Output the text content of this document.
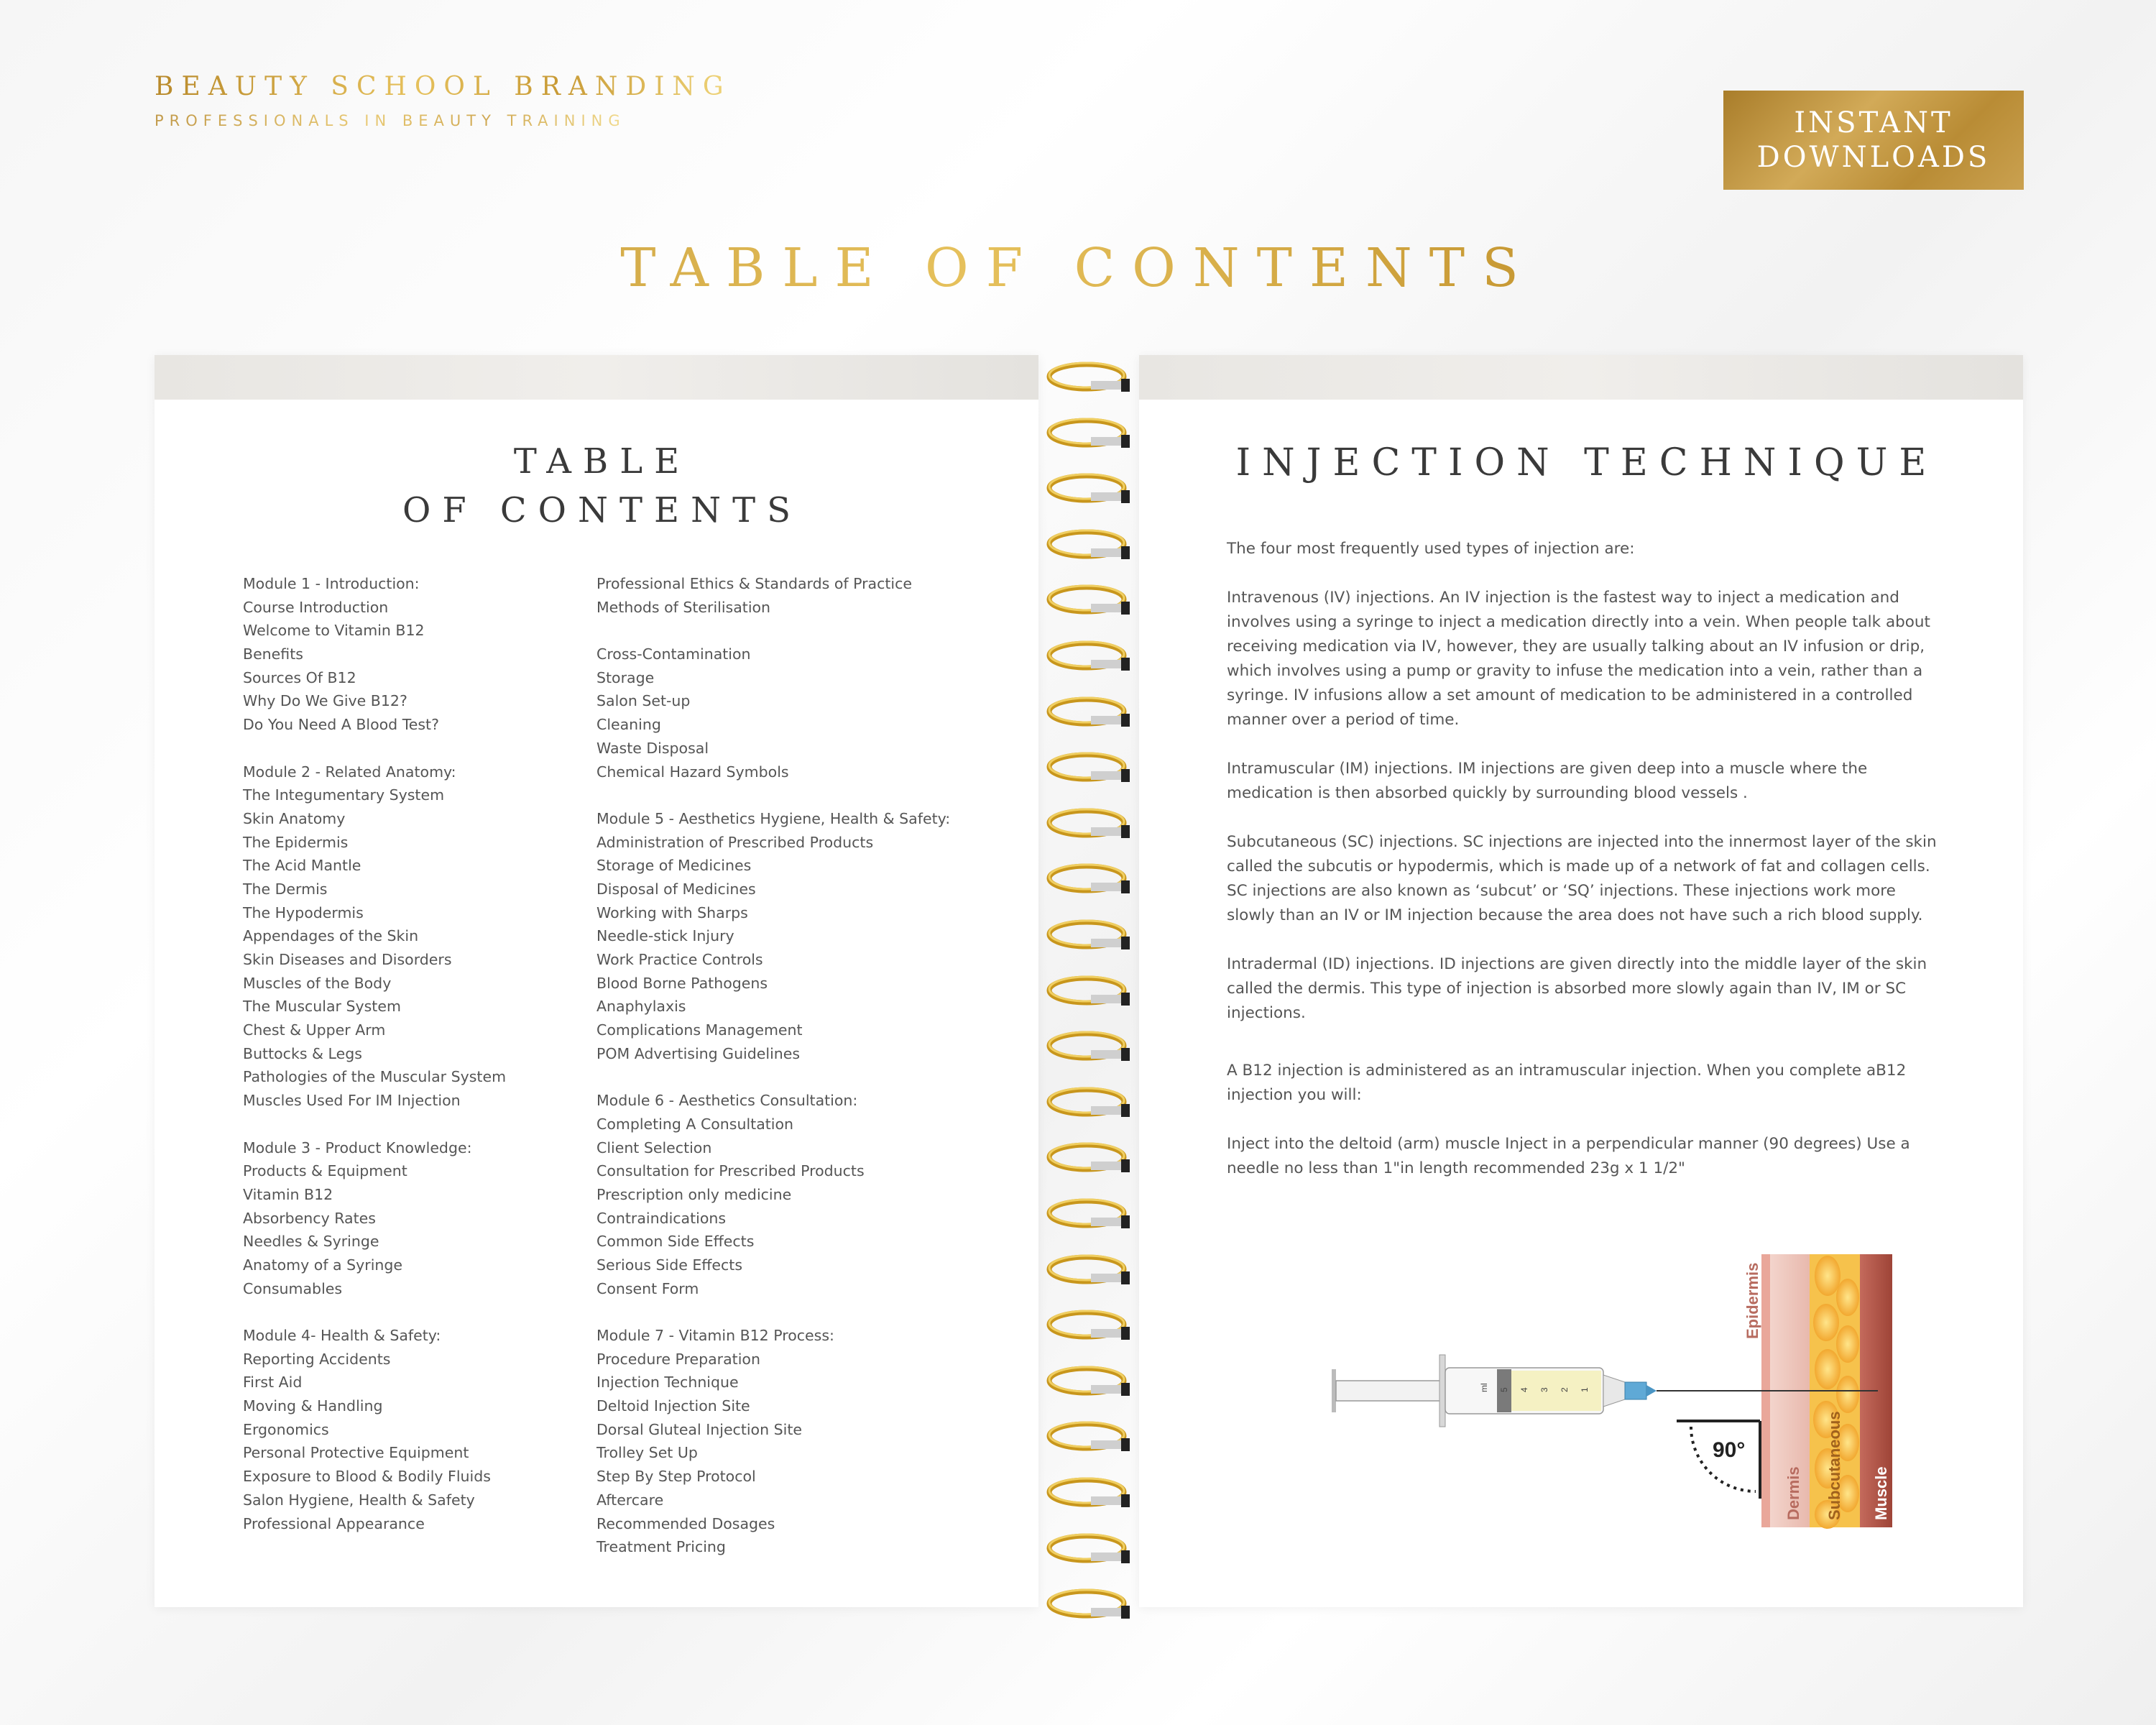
BEAUTY SCHOOL BRANDING
PROFESSIONALS IN BEAUTY TRAINING	INSTANT
DOWNLOADS
TABLE OF CONTENTS
TABLE
OF CONTENTS
Module 1 - Introduction:
Course Introduction
Welcome to Vitamin B12
Benefits
Sources Of B12
Why Do We Give B12?
Do You Need A Blood Test?
Module 2 - Related Anatomy:
The Integumentary System
Skin Anatomy
The Epidermis
The Acid Mantle
The Dermis
The Hypodermis
Appendages of the Skin
Skin Diseases and Disorders
Muscles of the Body
The Muscular System
Chest & Upper Arm
Buttocks & Legs
Pathologies of the Muscular System
Muscles Used For IM Injection
Module 3 - Product Knowledge:
Products & Equipment
Vitamin B12
Absorbency Rates
Needles & Syringe
Anatomy of a Syringe
Consumables
Module 4- Health & Safety:
Reporting Accidents
First Aid
Moving & Handling
Ergonomics
Personal Protective Equipment
Exposure to Blood & Bodily Fluids
Salon Hygiene, Health & Safety
Professional Appearance
Professional Ethics & Standards of Practice
Methods of Sterilisation
Cross-Contamination
Storage
Salon Set-up
Cleaning
Waste Disposal
Chemical Hazard Symbols
Module 5 - Aesthetics Hygiene, Health & Safety:
Administration of Prescribed Products
Storage of Medicines
Disposal of Medicines
Working with Sharps
Needle-stick Injury
Work Practice Controls
Blood Borne Pathogens
Anaphylaxis
Complications Management
POM Advertising Guidelines
Module 6 - Aesthetics Consultation:
Completing A Consultation
Client Selection
Consultation for Prescribed Products
Prescription only medicine
Contraindications
Common Side Effects
Serious Side Effects
Consent Form
Module 7 - Vitamin B12 Process:
Procedure Preparation
Injection Technique
Deltoid Injection Site
Dorsal Gluteal Injection Site
Trolley Set Up
Step By Step Protocol
Aftercare
Recommended Dosages
Treatment Pricing
INJECTION TECHNIQUE

The four most frequently used types of injection are:

Intravenous (IV) injections. An IV injection is the fastest way to inject a medication and involves using a syringe to inject a medication directly into a vein. When people talk about receiving medication via IV, however, they are usually talking about an IV infusion or drip, which involves using a pump or gravity to infuse the medication into a vein, rather than a syringe. IV infusions allow a set amount of medication to be administered in a controlled manner over a period of time.

Intramuscular (IM) injections. IM injections are given deep into a muscle where the medication is then absorbed quickly by surrounding blood vessels .

Subcutaneous (SC) injections. SC injections are injected into the innermost layer of the skin called the subcutis or hypodermis, which is made up of a network of fat and collagen cells. SC injections are also known as ‘subcut’ or ‘SQ’ injections. These injections work more slowly than an IV or IM injection because the area does not have such a rich blood supply.

Intradermal (ID) injections. ID injections are given directly into the middle layer of the skin called the dermis. This type of injection is absorbed more slowly again than IV, IM or SC injections.

A B12 injection is administered as an intramuscular injection. When you complete aB12 injection you will:

Inject into the deltoid (arm) muscle Inject in a perpendicular manner (90 degrees) Use a needle no less than 1"in length recommended 23g x 1 1/2"

ml 5 4 3 2 1
90°
Epidermis
Dermis Subcutaneous Muscle
